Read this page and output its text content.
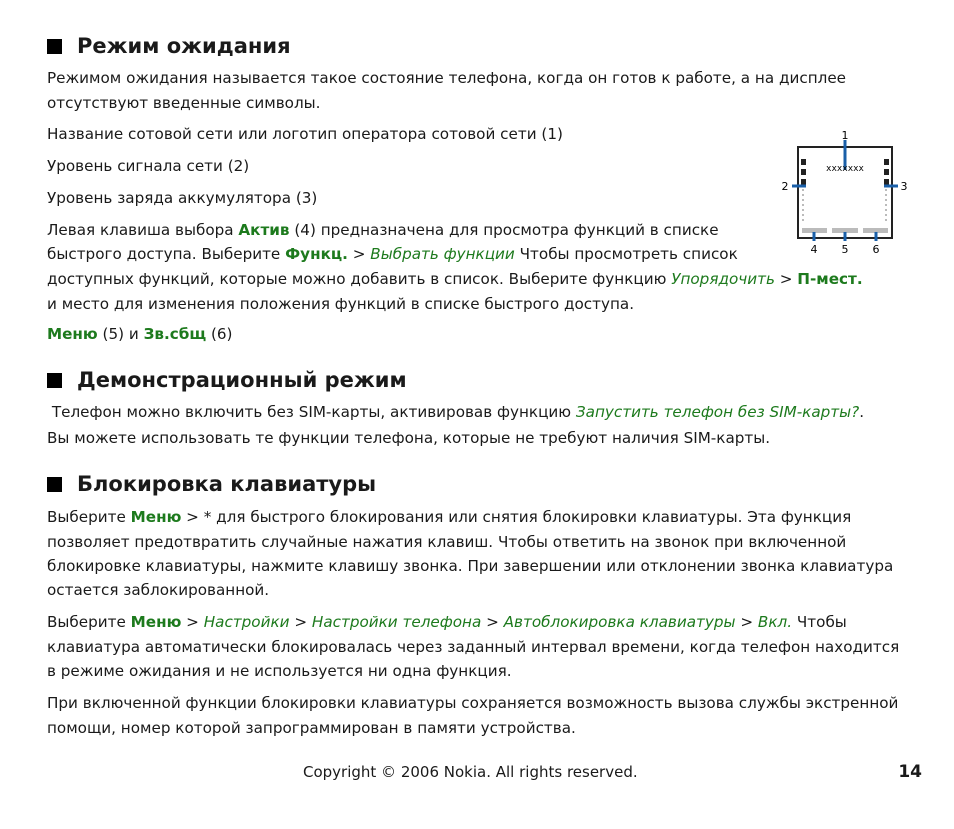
Режим ожидания

Режимом ожидания называется такое состояние телефона, когда он готов к работе, а на дисплее

отсутствуют введенные символы.

Название сотовой сети или логотип оператора сотовой сети (1)

Уровень сигнала сети (2)

Уровень заряда аккумулятора (3)

Левая клавиша выбора Актив (4) предназначена для просмотра функций в списке

быстрого доступа. Выберите Функц. > Выбрать функции Чтобы просмотреть список

доступных функций, которые можно добавить в список. Выберите функцию Упорядочить > П-мест.

и место для изменения положения функций в списке быстрого доступа.

Меню (5) и Зв.сбщ (6)

xxxxxxx
1
2	3
4 5 6
Демонстрационный режим

Телефон можно включить без SIM-карты, активировав функцию Запустить телефон без SIM-карты?.

Вы можете использовать те функции телефона, которые не требуют наличия SIM-карты.

Блокировка клавиатуры

Выберите Меню > * для быстрого блокирования или снятия блокировки клавиатуры. Эта функция

позволяет предотвратить случайные нажатия клавиш. Чтобы ответить на звонок при включенной

блокировке клавиатуры, нажмите клавишу звонка. При завершении или отклонении звонка клавиатура

остается заблокированной.

Выберите Меню > Настройки > Настройки телефона > Автоблокировка клавиатуры > Вкл. Чтобы

клавиатура автоматически блокировалась через заданный интервал времени, когда телефон находится

в режиме ожидания и не используется ни одна функция.

При включенной функции блокировки клавиатуры сохраняется возможность вызова службы экстренной

помощи, номер которой запрограммирован в памяти устройства.

Copyright © 2006 Nokia. All rights reserved.	14
